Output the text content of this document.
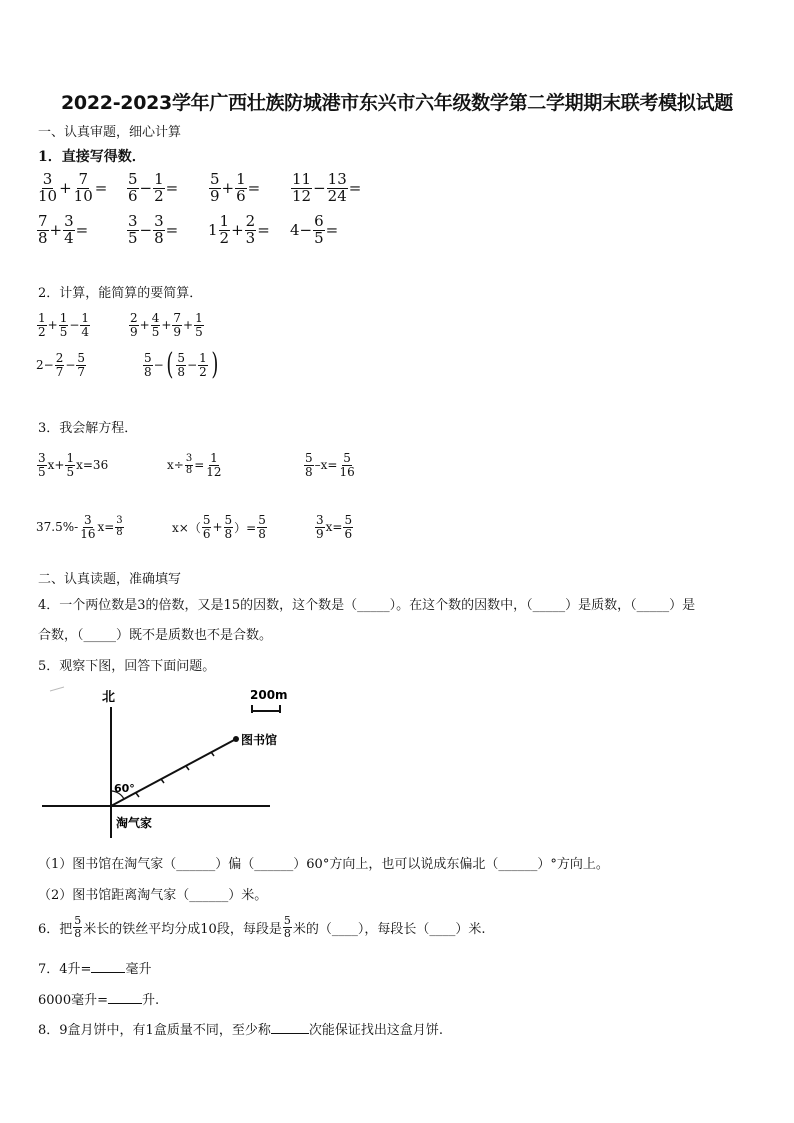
2022-2023学年广西壮族防城港市东兴市六年级数学第二学期期末联考模拟试题
一、认真审题，细心计算
1．直接写得数．
$\frac{3}{10} + \frac{7}{10} = \frac{5}{6} - \frac{1}{2} = \frac{5}{9} + \frac{1}{6} = \frac{11}{12} - \frac{13}{24}$ =
$\frac{7}{8} + \frac{3}{4}$ =	$\frac{3}{5} - \frac{3}{8} = 1 \frac{1}{2} + \frac{2}{3} = 4 - \frac{6}{5}$ =
2．计算，能简算的要简算．
$\frac{1}{2} + \frac{1}{5} - \frac{1}{4}$	$\frac{2}{9} + \frac{4}{5} + \frac{7}{9} + \frac{1}{5}$
$2- \frac{2}{7} - \frac{5}{7}$	$\frac{5}{8}$ − ( $\frac{5}{8} - \frac{1}{2}$ )
3．我会解方程．
$\frac{3}{5} x+ \frac{1}{5} x=36$	$x\div \frac{3}{8} = \frac{1}{12}$	$\frac{5}{8} -x= \frac{5}{16}$
$37.5\%- \frac{3}{16} x= \frac{3}{8}$	$x\times( \frac{5}{6} + \frac{5}{8}$ ）= $\frac{5}{8}$	$\frac{3}{9} x= \frac{5}{6}$
二、认真读题，准确填写
4．一个两位数是3的倍数，又是15的因数，这个数是（_____）。在这个数的因数中，（_____）是质数，（_____）是
合数，（_____）既不是质数也不是合数。
5．观察下图，回答下面问题。
北	200m
图书馆
淘气家
60°
（1）图书馆在淘气家（______）偏（______）60°方向上，也可以说成东偏北（______）°方向上。
（2）图书馆距离淘气家（______）米。
6．把 $\frac{5}{8}$ 米长的铁丝平均分成10段，每段是 $\frac{5}{8}$ 米的（____），每段长（____）米.
7．4升=	毫升
6000毫升=	升.
8．9盒月饼中，有1盒质量不同，至少称	次能保证找出这盒月饼.
